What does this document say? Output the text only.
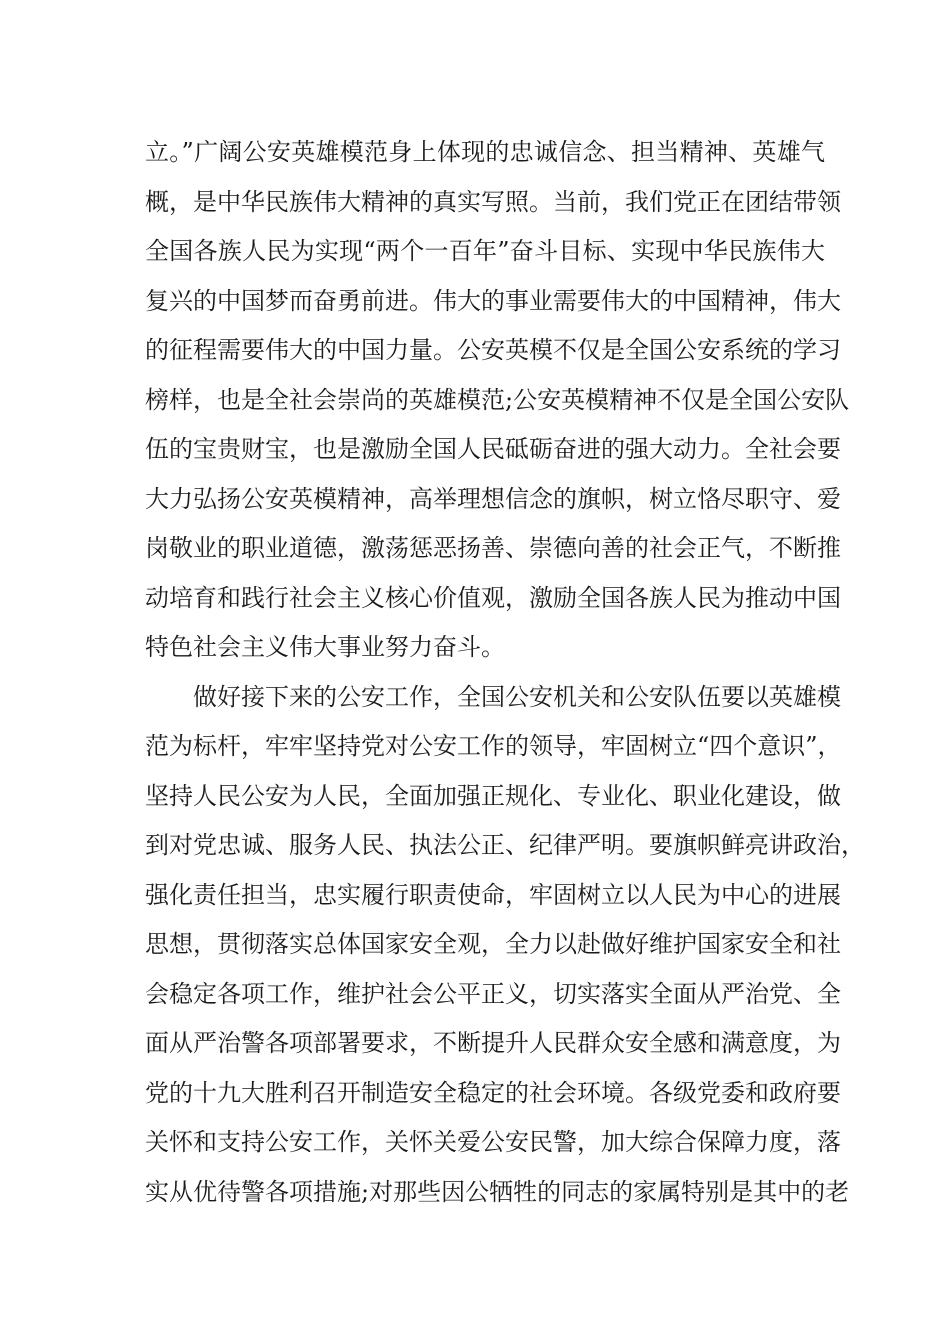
立。”广阔公安英雄模范身上体现的忠诚信念、担当精神、英雄气
概，是中华民族伟大精神的真实写照。当前，我们党正在团结带领
全国各族人民为实现“两个一百年”奋斗目标、实现中华民族伟大
复兴的中国梦而奋勇前进。伟大的事业需要伟大的中国精神，伟大
的征程需要伟大的中国力量。公安英模不仅是全国公安系统的学习
榜样，也是全社会崇尚的英雄模范;公安英模精神不仅是全国公安队
伍的宝贵财宝，也是激励全国人民砥砺奋进的强大动力。全社会要
大力弘扬公安英模精神，高举理想信念的旗帜，树立恪尽职守、爱
岗敬业的职业道德，激荡惩恶扬善、崇德向善的社会正气，不断推
动培育和践行社会主义核心价值观，激励全国各族人民为推动中国
特色社会主义伟大事业努力奋斗。
做好接下来的公安工作，全国公安机关和公安队伍要以英雄模
范为标杆，牢牢坚持党对公安工作的领导，牢固树立“四个意识”，
坚持人民公安为人民，全面加强正规化、专业化、职业化建设，做
到对党忠诚、服务人民、执法公正、纪律严明。要旗帜鲜亮讲政治，
强化责任担当，忠实履行职责使命，牢固树立以人民为中心的进展
思想，贯彻落实总体国家安全观，全力以赴做好维护国家安全和社
会稳定各项工作，维护社会公平正义，切实落实全面从严治党、全
面从严治警各项部署要求，不断提升人民群众安全感和满意度，为
党的十九大胜利召开制造安全稳定的社会环境。各级党委和政府要
关怀和支持公安工作，关怀关爱公安民警，加大综合保障力度，落
实从优待警各项措施;对那些因公牺牲的同志的家属特别是其中的老
